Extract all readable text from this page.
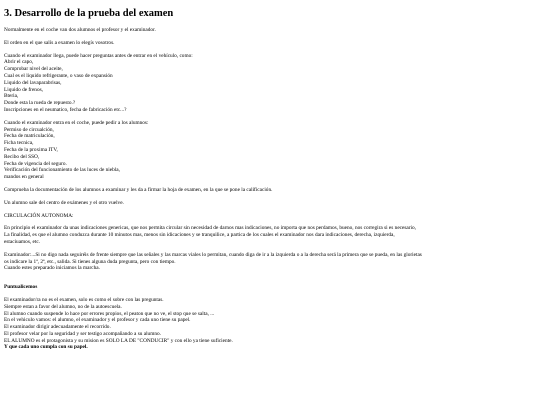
3. Desarrollo de la prueba del examen
Normalmente en el coche van dos alumnos el profesor y el examinador.
El orden en el que salís a examen lo elegís vosotros.
Cuando el examinador llega, puede hacer preguntas antes de entrar en el vehículo, como:
Abrir el capo,
Comprobar nivel del aceite,
Cual es el liquido refrigerante, o vaso de expansión
Liquido del lavaparabrisas,
Liquido de frenos,
Bteria,
Donde esta la rueda de repuesto.?
Inscripciones en el neumatico, fecha de fabricación etc...?
Cuando el examinador entra en el coche, puede pedir a los alumnos:
Permiso de circualción,
Fecha de matriculación,
Ficha tecnica,
Fecha de la proxima ITV,
Recibo del SSO,
Fecha de vigencia del seguro.
Verificación del funcionamiento de las luces de niebla,
mandos en general
Comprueba la documentación de los alumnos a examinar y les da a firmar la hoja de examen, en la que se pone la calificación.
Un alumno sale del centro de exámenes y el otro vuelve.
CIRCULACIÓN AUTONOMA:
En principio el examinador da unas indicaciones genericas, que nos permita circular sin necesidad de darnos mas indicaciones, no importa que nos perdamos, bueno, nos corregira si es necesario,
La finalidad, es que el alumno conduzca durante 10 minutos mas, menos sin idicaciones y se tranquilice, a partica de los cuales el examinador nos dara indicaciones, derecha, izquierda,
estaciuamos, etc.
Examinador:...Si no digo nada seguiréis de frente siempre que las señales y las marcas viales lo permitan, cuando diga de ir a la izquierda o a la derecha será la primera que se pueda, en las glorietas
os indicare la 1ª, 2ª, etc., salida. Si tienes alguna duda pregunta, pero con tiempo.
Cuando estes preparado iniciamos la marcha.
Puntualicemos
El examinador/ra no es el examen, solo es como el sobre con las preguntas.
Siempre estan a favor del alumno, no de la autoescuela.
El alumno cuando suspende lo hace por errores propios, el peaton que no ve, el stop que se salta, ...
En el vehiculo vamos: el alumno, el examinador y el profesor y cada uno tiene su papel.
El examinador dirigir adecuadamente el recorrido.
El profesor velar por la seguridad y ser testigo acompañando a su alumno.
EL ALUMNO es el protagonista y su mision es SOLO LA DE "CONDUCIR" y con ello ya tiene suficiente.
Y que cada uno cumpla con su papel.
